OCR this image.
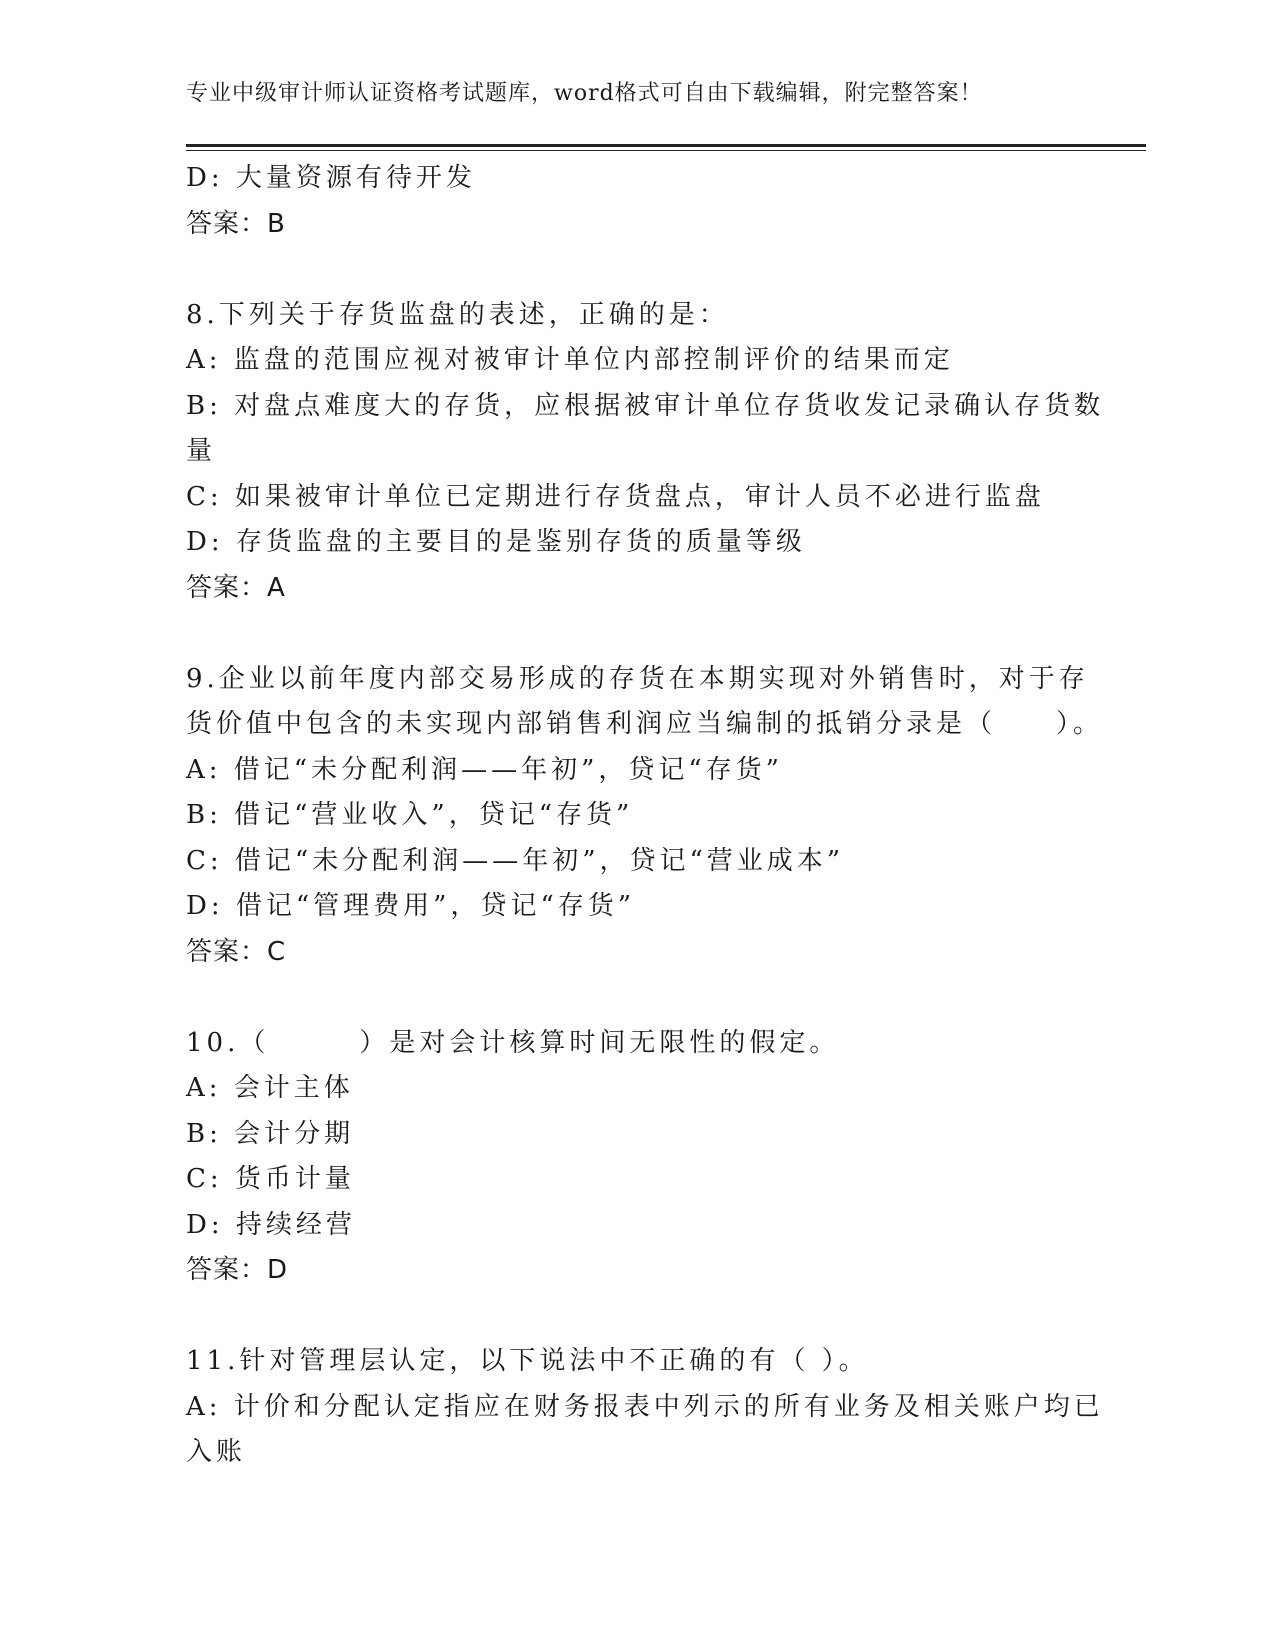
专业中级审计师认证资格考试题库，word格式可自由下载编辑，附完整答案！
D: 大量资源有待开发
答案：B
8.下列关于存货监盘的表述，正确的是：
A: 监盘的范围应视对被审计单位内部控制评价的结果而定
B: 对盘点难度大的存货，应根据被审计单位存货收发记录确认存货数
量
C: 如果被审计单位已定期进行存货盘点，审计人员不必进行监盘
D: 存货监盘的主要目的是鉴别存货的质量等级
答案：A
9.企业以前年度内部交易形成的存货在本期实现对外销售时，对于存
货价值中包含的未实现内部销售利润应当编制的抵销分录是（　　）。
A: 借记“未分配利润——年初”，贷记“存货”
B: 借记“营业收入”，贷记“存货”
C: 借记“未分配利润——年初”，贷记“营业成本”
D: 借记“管理费用”，贷记“存货”
答案：C
10.（　　　）是对会计核算时间无限性的假定。
A: 会计主体
B: 会计分期
C: 货币计量
D: 持续经营
答案：D
11.针对管理层认定，以下说法中不正确的有（ ）。
A: 计价和分配认定指应在财务报表中列示的所有业务及相关账户均已
入账
